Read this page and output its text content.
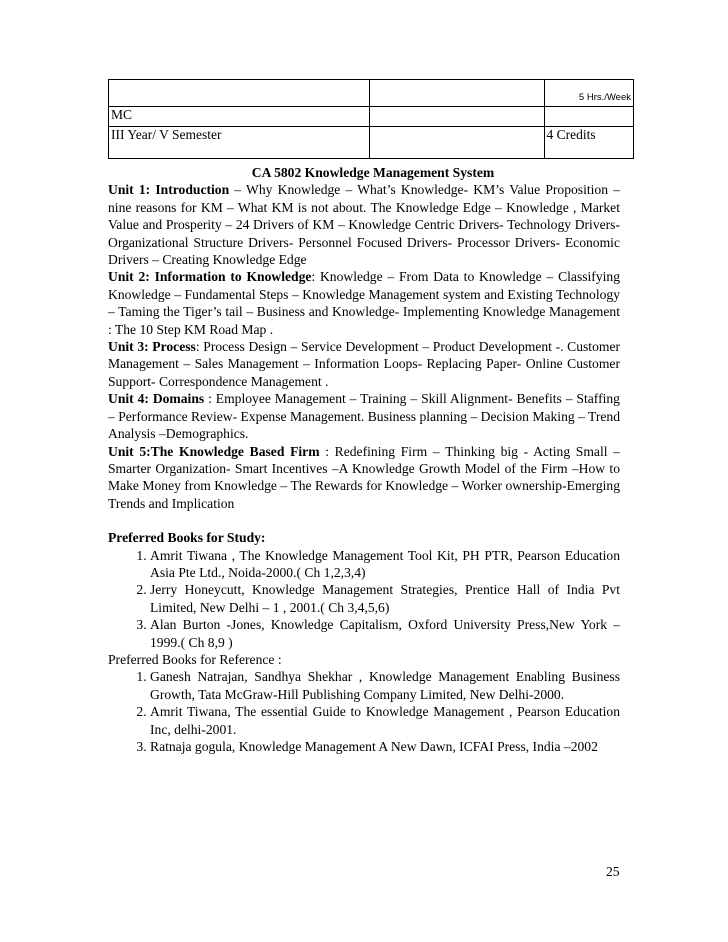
		5 Hrs./Week
MC		
III Year/ V Semester		4 Credits

CA 5802 Knowledge Management System

Unit 1: Introduction – Why Knowledge – What’s Knowledge- KM’s Value Proposition – nine reasons for KM – What KM is not about. The Knowledge Edge – Knowledge , Market Value and Prosperity – 24 Drivers of KM – Knowledge Centric Drivers- Technology Drivers- Organizational Structure Drivers- Personnel Focused Drivers- Processor Drivers- Economic Drivers – Creating Knowledge Edge

Unit 2: Information to Knowledge: Knowledge – From Data to Knowledge – Classifying Knowledge – Fundamental Steps – Knowledge Management system and Existing Technology – Taming the Tiger’s tail – Business and Knowledge- Implementing Knowledge Management : The 10 Step KM Road Map .

Unit 3: Process: Process Design – Service Development – Product Development -. Customer Management – Sales Management – Information Loops- Replacing Paper- Online Customer Support- Correspondence Management .

Unit 4: Domains : Employee Management – Training – Skill Alignment- Benefits – Staffing – Performance Review- Expense Management. Business planning – Decision Making – Trend Analysis –Demographics.

Unit 5:The Knowledge Based Firm : Redefining Firm – Thinking big - Acting Small –Smarter Organization- Smart Incentives –A Knowledge Growth Model of the Firm –How to Make Money from Knowledge – The Rewards for Knowledge – Worker ownership-Emerging Trends and Implication

Preferred Books for Study:

1. Amrit Tiwana , The Knowledge Management Tool Kit, PH PTR, Pearson Education Asia Pte Ltd., Noida-2000.( Ch 1,2,3,4)
2. Jerry Honeycutt, Knowledge Management Strategies, Prentice Hall of India Pvt Limited, New Delhi – 1 , 2001.( Ch 3,4,5,6)
3. Alan Burton -Jones, Knowledge Capitalism, Oxford University Press,New York –1999.( Ch 8,9 )

Preferred Books for Reference :

1. Ganesh Natrajan, Sandhya Shekhar , Knowledge Management Enabling Business Growth, Tata McGraw-Hill Publishing Company Limited, New Delhi-2000.
2. Amrit Tiwana, The essential Guide to Knowledge Management , Pearson Education Inc, delhi-2001.
3. Ratnaja gogula, Knowledge Management A New Dawn, ICFAI Press, India –2002
25
